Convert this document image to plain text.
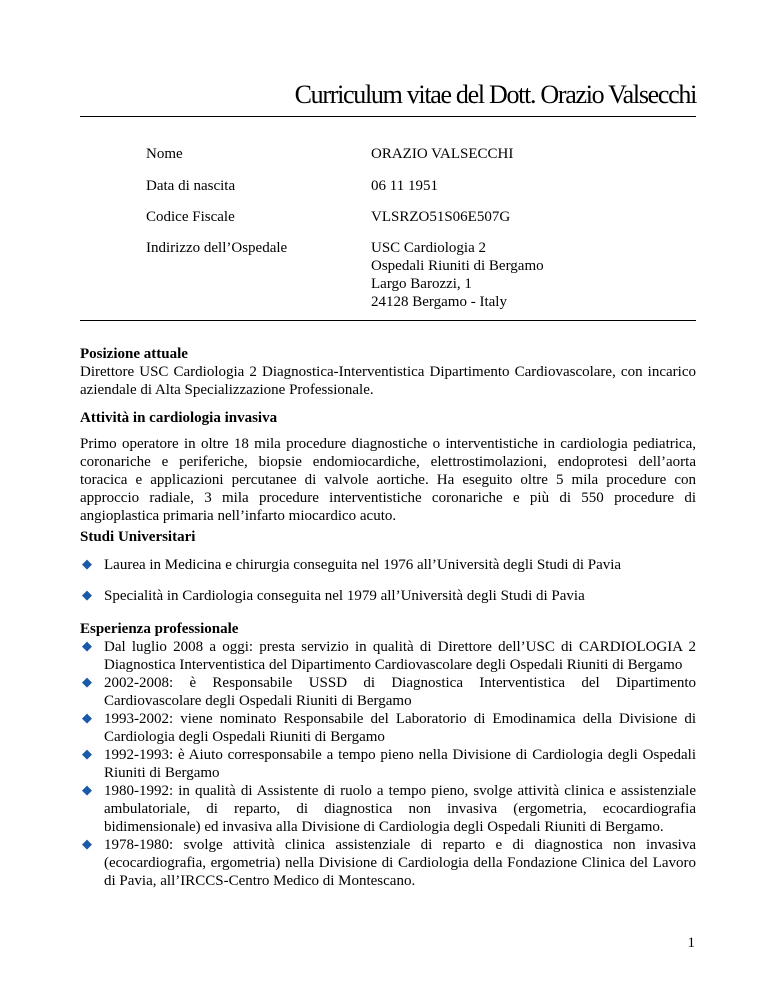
Curriculum vitae del Dott. Orazio Valsecchi
Nome	ORAZIO VALSECCHI
Data di nascita	06 11 1951
Codice Fiscale	VLSRZO51S06E507G
Indirizzo dell’Ospedale	USC Cardiologia 2
Ospedali Riuniti di Bergamo
Largo Barozzi, 1
24128 Bergamo - Italy
Posizione attuale
Direttore USC Cardiologia 2 Diagnostica-Interventistica Dipartimento Cardiovascolare, con incarico aziendale di Alta Specializzazione Professionale.
Attività in cardiologia invasiva
Primo operatore in oltre 18 mila procedure diagnostiche o interventistiche in cardiologia pediatrica, coronariche e periferiche, biopsie endomiocardiche, elettrostimolazioni, endoprotesi dell’aorta toracica e applicazioni percutanee di valvole aortiche. Ha eseguito oltre 5 mila procedure con approccio radiale, 3 mila procedure interventistiche coronariche e più di 550 procedure di angioplastica primaria nell’infarto miocardico acuto.
Studi Universitari
◆ Laurea in Medicina e chirurgia conseguita nel 1976 all’Università degli Studi di Pavia
◆ Specialità in Cardiologia conseguita nel 1979 all’Università degli Studi di Pavia
Esperienza professionale
◆ Dal luglio 2008 a oggi: presta servizio in qualità di Direttore dell’USC di CARDIOLOGIA 2 Diagnostica Interventistica del Dipartimento Cardiovascolare degli Ospedali Riuniti di Bergamo
◆ 2002-2008: è Responsabile USSD di Diagnostica Interventistica del Dipartimento Cardiovascolare degli Ospedali Riuniti di Bergamo
◆ 1993-2002: viene nominato Responsabile del Laboratorio di Emodinamica della Divisione di Cardiologia degli Ospedali Riuniti di Bergamo
◆ 1992-1993: è Aiuto corresponsabile a tempo pieno nella Divisione di Cardiologia degli Ospedali Riuniti di Bergamo
◆ 1980-1992: in qualità di Assistente di ruolo a tempo pieno, svolge attività clinica e assistenziale ambulatoriale, di reparto, di diagnostica non invasiva (ergometria, ecocardiografia bidimensionale) ed invasiva alla Divisione di Cardiologia degli Ospedali Riuniti di Bergamo.
◆ 1978-1980: svolge attività clinica assistenziale di reparto e di diagnostica non invasiva (ecocardiografia, ergometria) nella Divisione di Cardiologia della Fondazione Clinica del Lavoro di Pavia, all’IRCCS-Centro Medico di Montescano.
1
